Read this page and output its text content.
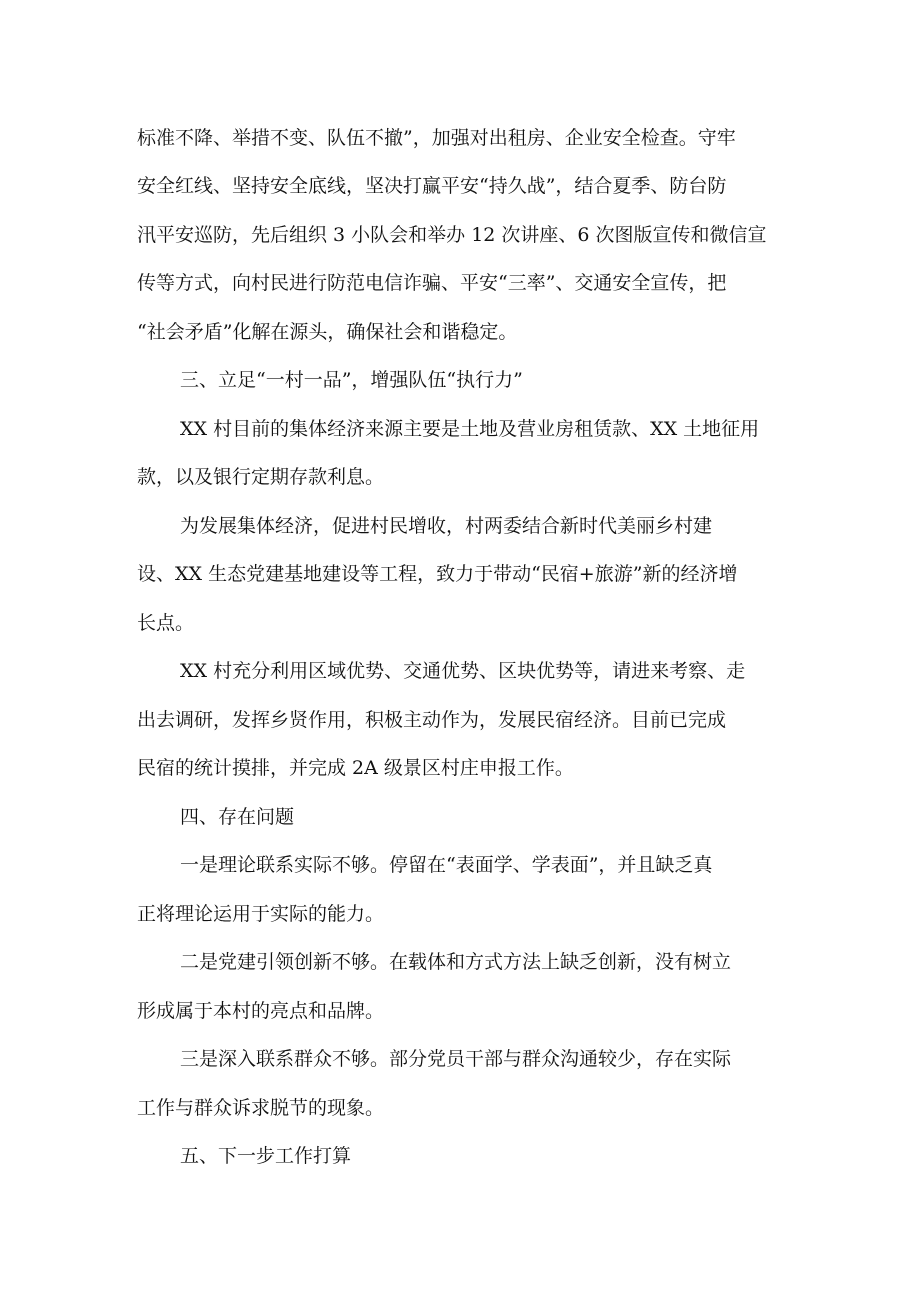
标准不降、举措不变、队伍不撤”，加强对出租房、企业安全检查。守牢
安全红线、坚持安全底线，坚决打赢平安“持久战”，结合夏季、防台防
汛平安巡防，先后组织 3 小队会和举办 12 次讲座、6 次图版宣传和微信宣
传等方式，向村民进行防范电信诈骗、平安“三率”、交通安全宣传，把
“社会矛盾”化解在源头，确保社会和谐稳定。
三、立足“一村一品”，增强队伍“执行力”
XX 村目前的集体经济来源主要是土地及营业房租赁款、XX 土地征用
款，以及银行定期存款利息。
为发展集体经济，促进村民增收，村两委结合新时代美丽乡村建
设、XX 生态党建基地建设等工程，致力于带动“民宿+旅游”新的经济增
长点。
XX 村充分利用区域优势、交通优势、区块优势等，请进来考察、走
出去调研，发挥乡贤作用，积极主动作为，发展民宿经济。目前已完成
民宿的统计摸排，并完成 2A 级景区村庄申报工作。
四、存在问题
一是理论联系实际不够。停留在“表面学、学表面”，并且缺乏真
正将理论运用于实际的能力。
二是党建引领创新不够。在载体和方式方法上缺乏创新，没有树立
形成属于本村的亮点和品牌。
三是深入联系群众不够。部分党员干部与群众沟通较少，存在实际
工作与群众诉求脱节的现象。
五、下一步工作打算
